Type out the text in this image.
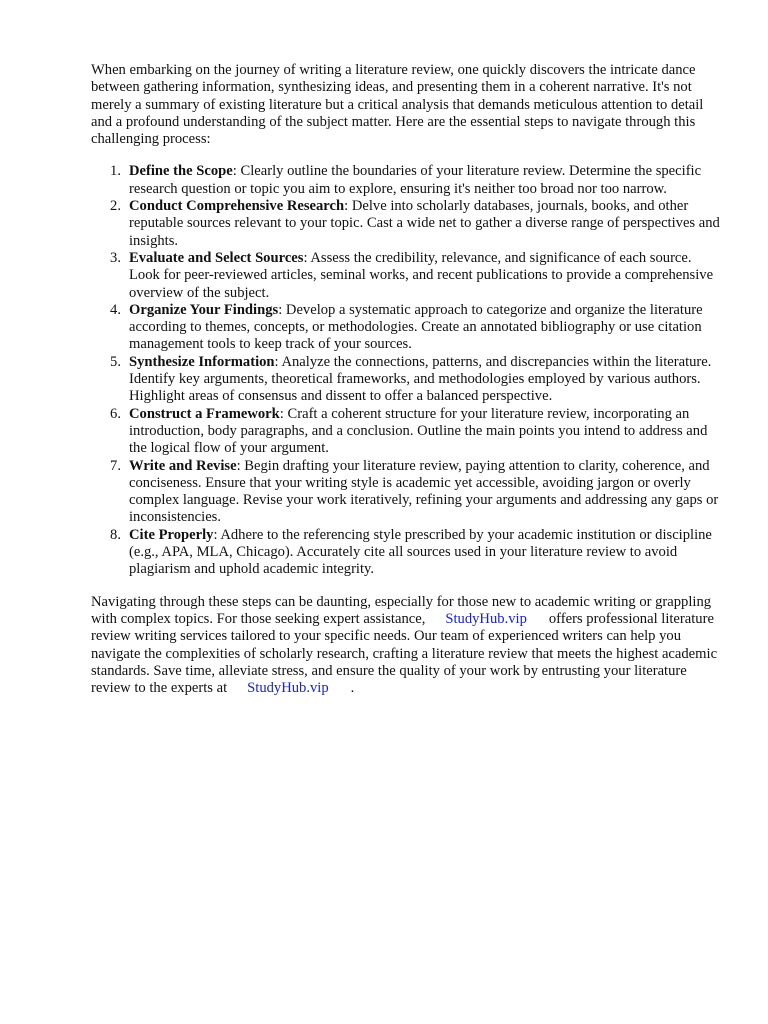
When embarking on the journey of writing a literature review, one quickly discovers the intricate dance between gathering information, synthesizing ideas, and presenting them in a coherent narrative. It's not merely a summary of existing literature but a critical analysis that demands meticulous attention to detail and a profound understanding of the subject matter. Here are the essential steps to navigate through this challenging process:

1. Define the Scope: Clearly outline the boundaries of your literature review. Determine the specific research question or topic you aim to explore, ensuring it's neither too broad nor too narrow.
2. Conduct Comprehensive Research: Delve into scholarly databases, journals, books, and other reputable sources relevant to your topic. Cast a wide net to gather a diverse range of perspectives and insights.
3. Evaluate and Select Sources: Assess the credibility, relevance, and significance of each source. Look for peer-reviewed articles, seminal works, and recent publications to provide a comprehensive overview of the subject.
4. Organize Your Findings: Develop a systematic approach to categorize and organize the literature according to themes, concepts, or methodologies. Create an annotated bibliography or use citation management tools to keep track of your sources.
5. Synthesize Information: Analyze the connections, patterns, and discrepancies within the literature. Identify key arguments, theoretical frameworks, and methodologies employed by various authors. Highlight areas of consensus and dissent to offer a balanced perspective.
6. Construct a Framework: Craft a coherent structure for your literature review, incorporating an introduction, body paragraphs, and a conclusion. Outline the main points you intend to address and the logical flow of your argument.
7. Write and Revise: Begin drafting your literature review, paying attention to clarity, coherence, and conciseness. Ensure that your writing style is academic yet accessible, avoiding jargon or overly complex language. Revise your work iteratively, refining your arguments and addressing any gaps or inconsistencies.
8. Cite Properly: Adhere to the referencing style prescribed by your academic institution or discipline (e.g., APA, MLA, Chicago). Accurately cite all sources used in your literature review to avoid plagiarism and uphold academic integrity.

Navigating through these steps can be daunting, especially for those new to academic writing or grappling with complex topics. For those seeking expert assistance, StudyHub.vip offers professional literature review writing services tailored to your specific needs. Our team of experienced writers can help you navigate the complexities of scholarly research, crafting a literature review that meets the highest academic standards. Save time, alleviate stress, and ensure the quality of your work by entrusting your literature review to the experts at StudyHub.vip .
